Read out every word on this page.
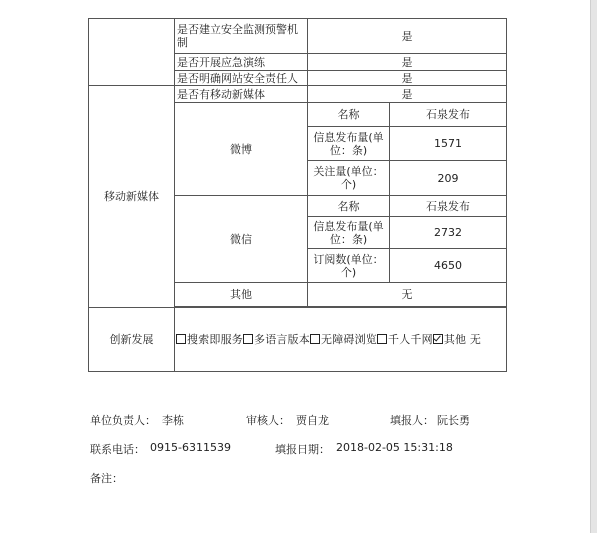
	是否建立安全监测预警机制	是	
	是否开展应急演练	是	
	是否明确网站安全责任人	是	
移动新媒体	是否有移动新媒体	是	
	微博	名称	石泉发布
		信息发布量(单位：条)	1571
		关注量(单位：个)	209
	微信	名称	石泉发布
		信息发布量(单位：条)	2732
		订阅数(单位：个)	4650
	其他	无	

创新发展	搜索即服务 多语言版本 无障碍浏览 千人千网 其他 无		
单位负责人： 李栋	审核人： 贾自龙	填报人： 阮长勇
联系电话： 0915-6311539	填报日期： 2018-02-05 15:31:18
备注：
